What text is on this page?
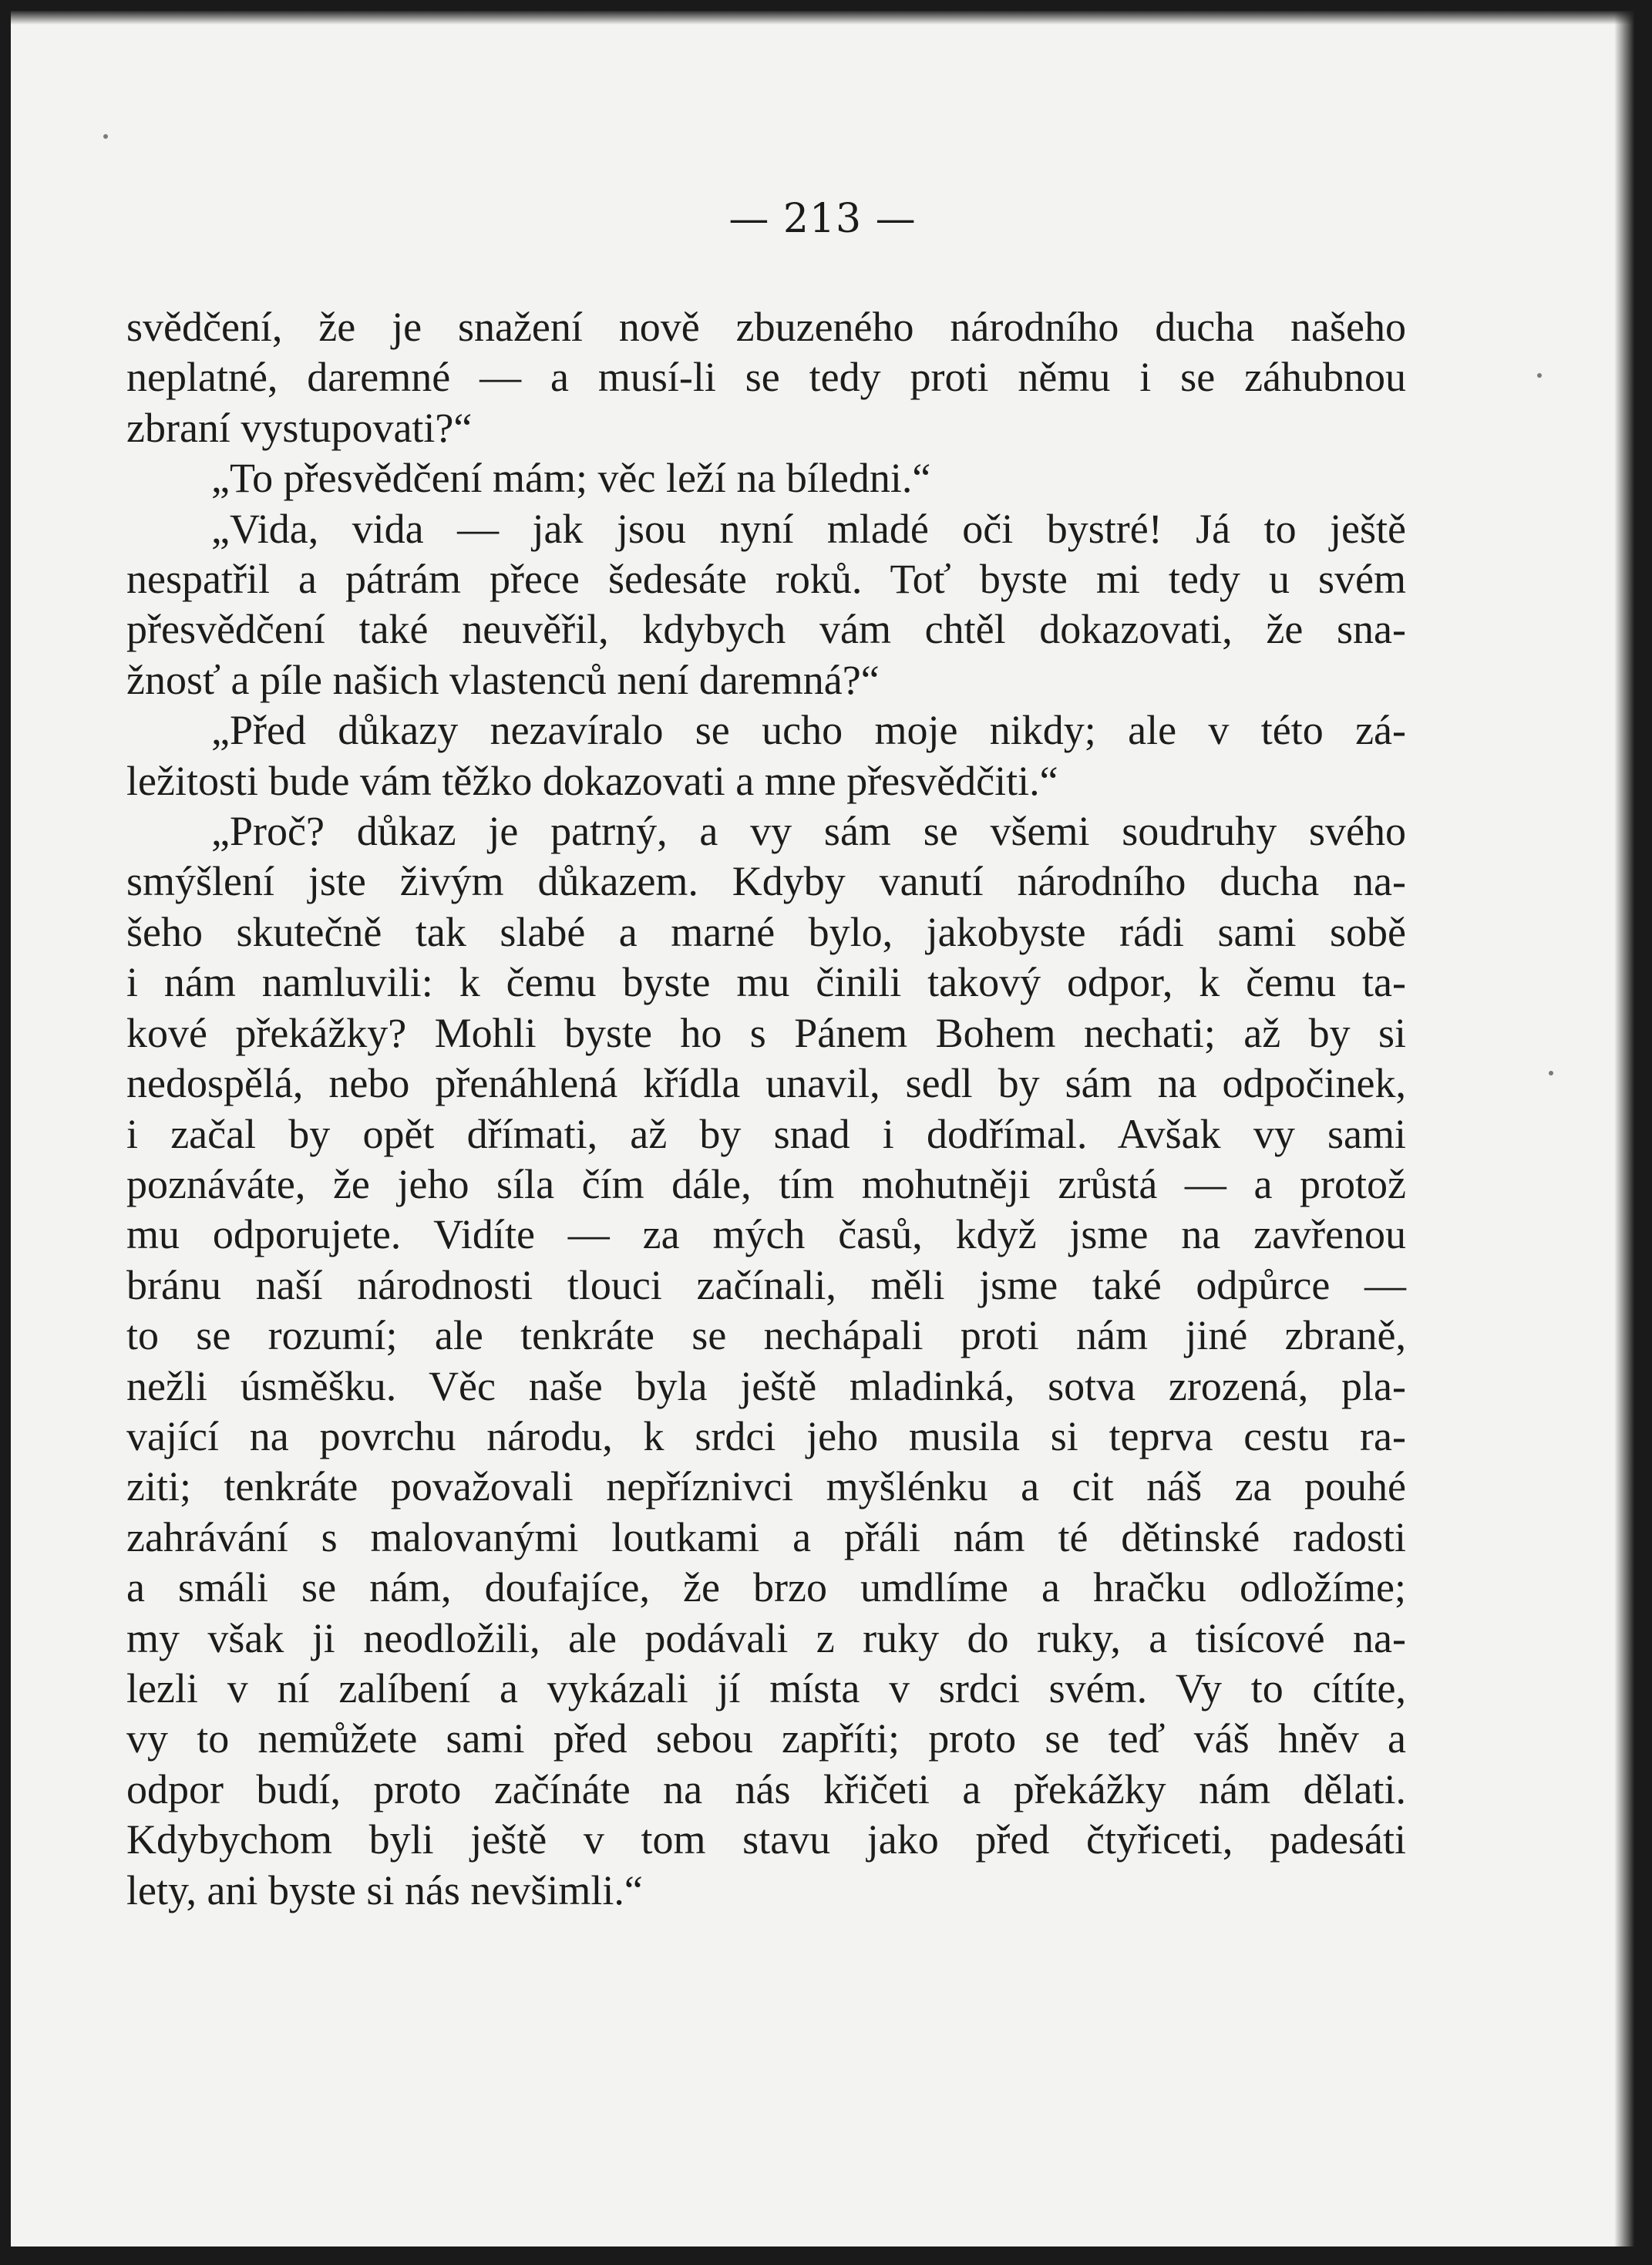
— 213 —
svědčení, že je snažení nově zbuzeného národního ducha našeho
neplatné, daremné — a musí-li se tedy proti němu i se záhubnou
zbraní vystupovati?“
„To přesvědčení mám; věc leží na bíledni.“
„Vida, vida — jak jsou nyní mladé oči bystré! Já to ještě
nespatřil a pátrám přece šedesáte roků. Toť byste mi tedy u svém
přesvědčení také neuvěřil, kdybych vám chtěl dokazovati, že sna-
žnosť a píle našich vlastenců není daremná?“
„Před důkazy nezavíralo se ucho moje nikdy; ale v této zá-
ležitosti bude vám těžko dokazovati a mne přesvědčiti.“
„Proč? důkaz je patrný, a vy sám se všemi soudruhy svého
smýšlení jste živým důkazem. Kdyby vanutí národního ducha na-
šeho skutečně tak slabé a marné bylo, jakobyste rádi sami sobě
i nám namluvili: k čemu byste mu činili takový odpor, k čemu ta-
kové překážky? Mohli byste ho s Pánem Bohem nechati; až by si
nedospělá, nebo přenáhlená křídla unavil, sedl by sám na odpočinek,
i začal by opět dřímati, až by snad i dodřímal. Avšak vy sami
poznáváte, že jeho síla čím dále, tím mohutněji zrůstá — a protož
mu odporujete. Vidíte — za mých časů, když jsme na zavřenou
bránu naší národnosti tlouci začínali, měli jsme také odpůrce —
to se rozumí; ale tenkráte se nechápali proti nám jiné zbraně,
nežli úsměšku. Věc naše byla ještě mladinká, sotva zrozená, pla-
vající na povrchu národu, k srdci jeho musila si teprva cestu ra-
ziti; tenkráte považovali nepříznivci myšlénku a cit náš za pouhé
zahrávání s malovanými loutkami a přáli nám té dětinské radosti
a smáli se nám, doufajíce, že brzo umdlíme a hračku odložíme;
my však ji neodložili, ale podávali z ruky do ruky, a tisícové na-
lezli v ní zalíbení a vykázali jí místa v srdci svém. Vy to cítíte,
vy to nemůžete sami před sebou zapříti; proto se teď váš hněv a
odpor budí, proto začínáte na nás křičeti a překážky nám dělati.
Kdybychom byli ještě v tom stavu jako před čtyřiceti, padesáti
lety, ani byste si nás nevšimli.“
